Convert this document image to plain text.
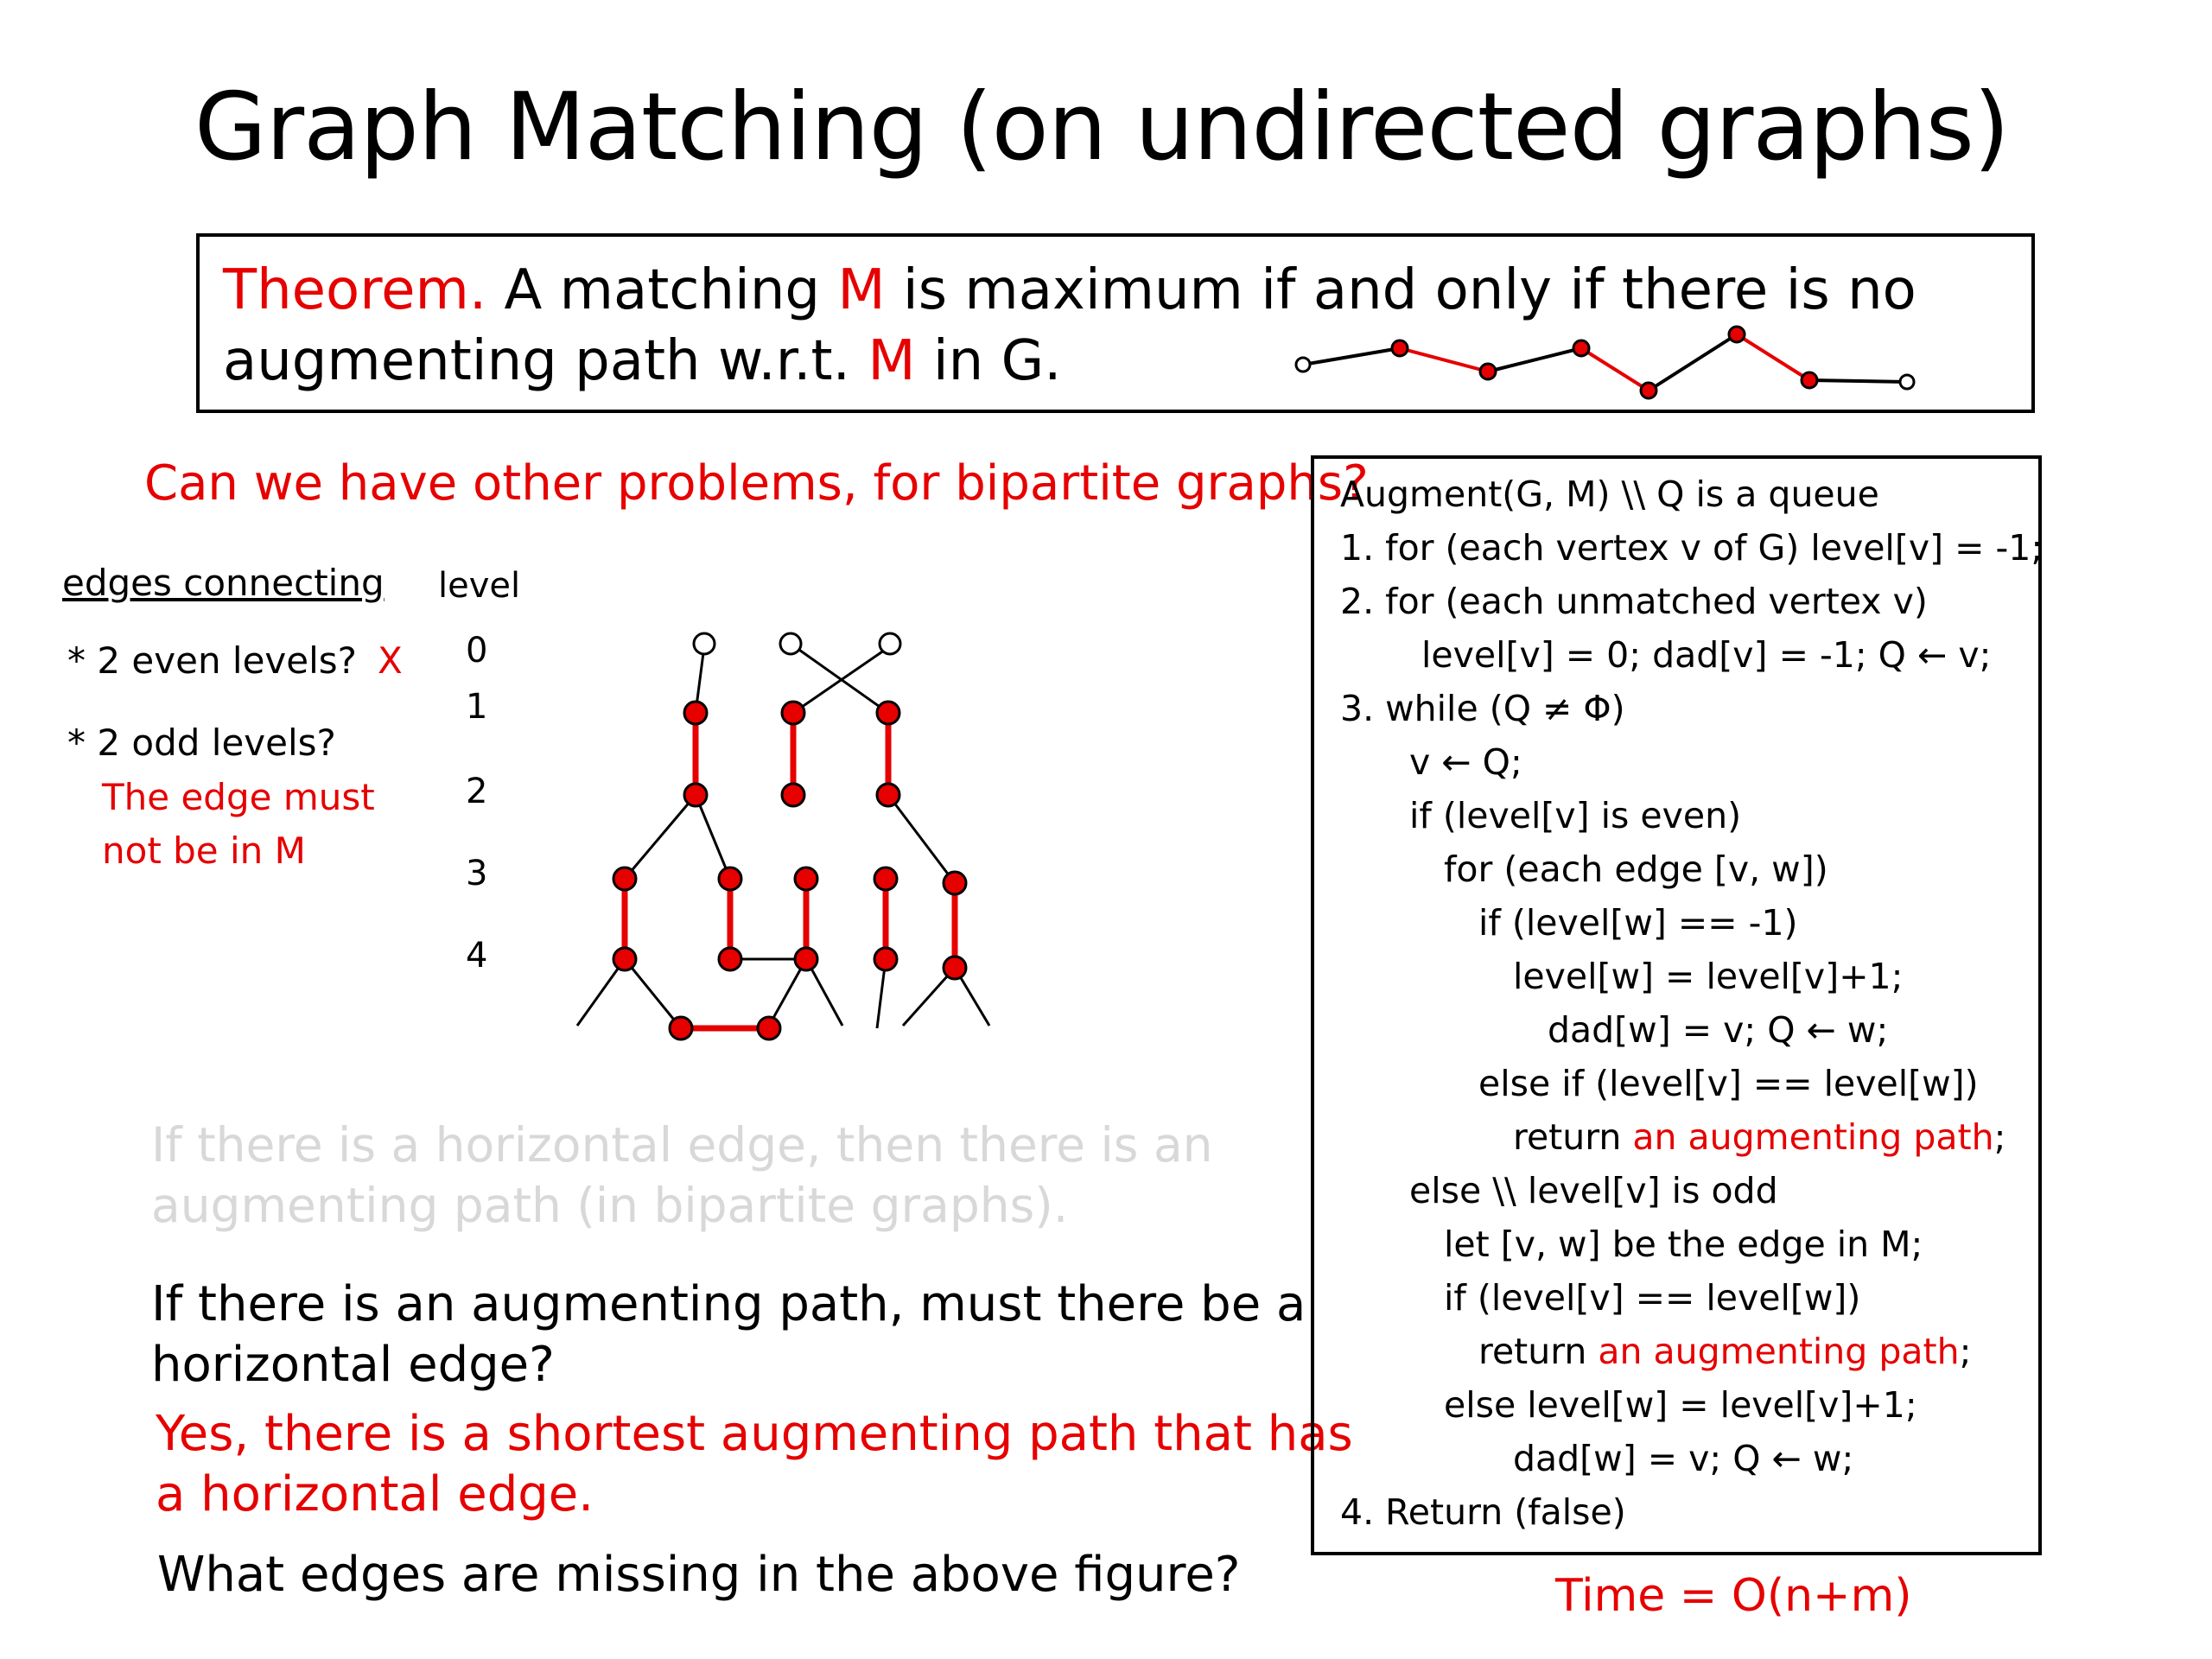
Graph Matching (on undirected graphs)
Theorem. A matching M is maximum if and only if there is no
augmenting path w.r.t. M in G.
Can we have other problems, for bipartite graphs?
edges connecting
* 2 even levels? X
* 2 odd levels?
The edge must
not be in M
level
0
1
2
3
4
If there is a horizontal edge, then there is an
augmenting path (in bipartite graphs).
If there is an augmenting path, must there be a
horizontal edge?
Yes, there is a shortest augmenting path that has
a horizontal edge.
What edges are missing in the above figure?
Augment(G, M) \\ Q is a queue
1. for (each vertex v of G) level[v] = -1;
2. for (each unmatched vertex v)
level[v] = 0; dad[v] = -1; Q ← v;
3. while (Q ≠ Φ)
v ← Q;
if (level[v] is even)
for (each edge [v, w])
if (level[w] == -1)
level[w] = level[v]+1;
dad[w] = v; Q ← w;
else if (level[v] == level[w])
return an augmenting path;
else \\ level[v] is odd
let [v, w] be the edge in M;
if (level[v] == level[w])
return an augmenting path;
else level[w] = level[v]+1;
dad[w] = v; Q ← w;
4. Return (false)
Time = O(n+m)
